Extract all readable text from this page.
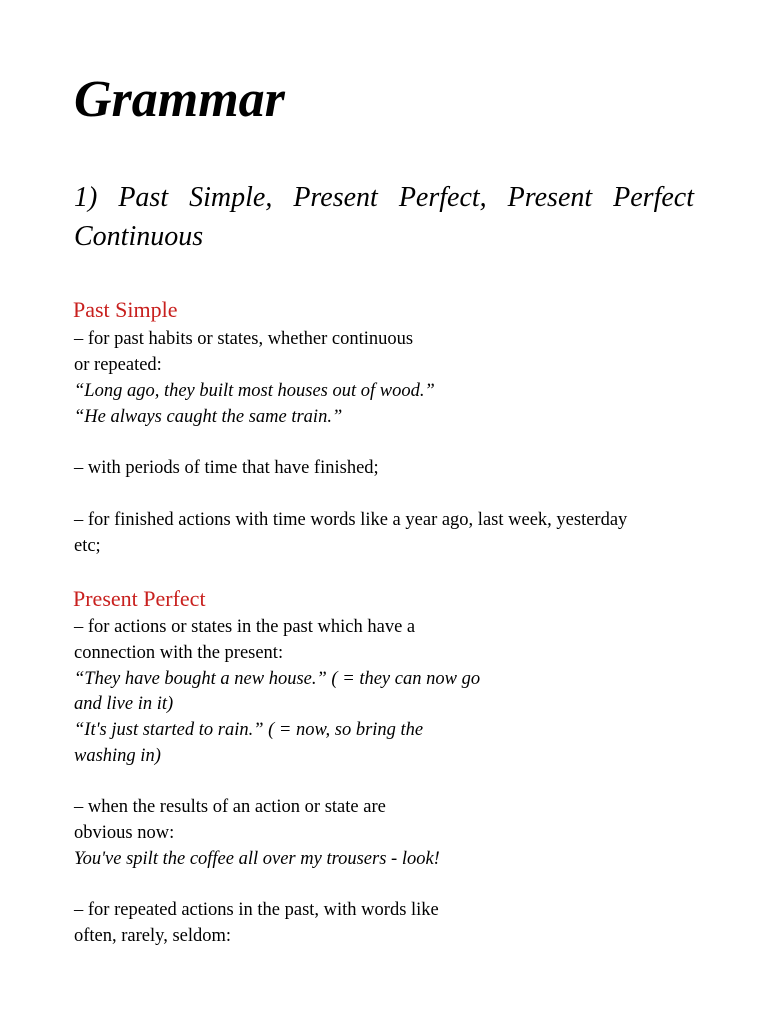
Grammar
1) Past Simple, Present Perfect, Present Perfect Continuous
Past Simple

– for past habits or states, whether continuous

or repeated:

“Long ago, they built most houses out of wood.”

“He always caught the same train.”

– with periods of time that have finished;

– for finished actions with time words like a year ago, last week, yesterday

etc;

Present Perfect

– for actions or states in the past which have a

connection with the present:

“They have bought a new house.” ( = they can now go

and live in it)

“It's just started to rain.” ( = now, so bring the

washing in)

– when the results of an action or state are

obvious now:

You've spilt the coffee all over my trousers - look!

– for repeated actions in the past, with words like

often, rarely, seldom:
